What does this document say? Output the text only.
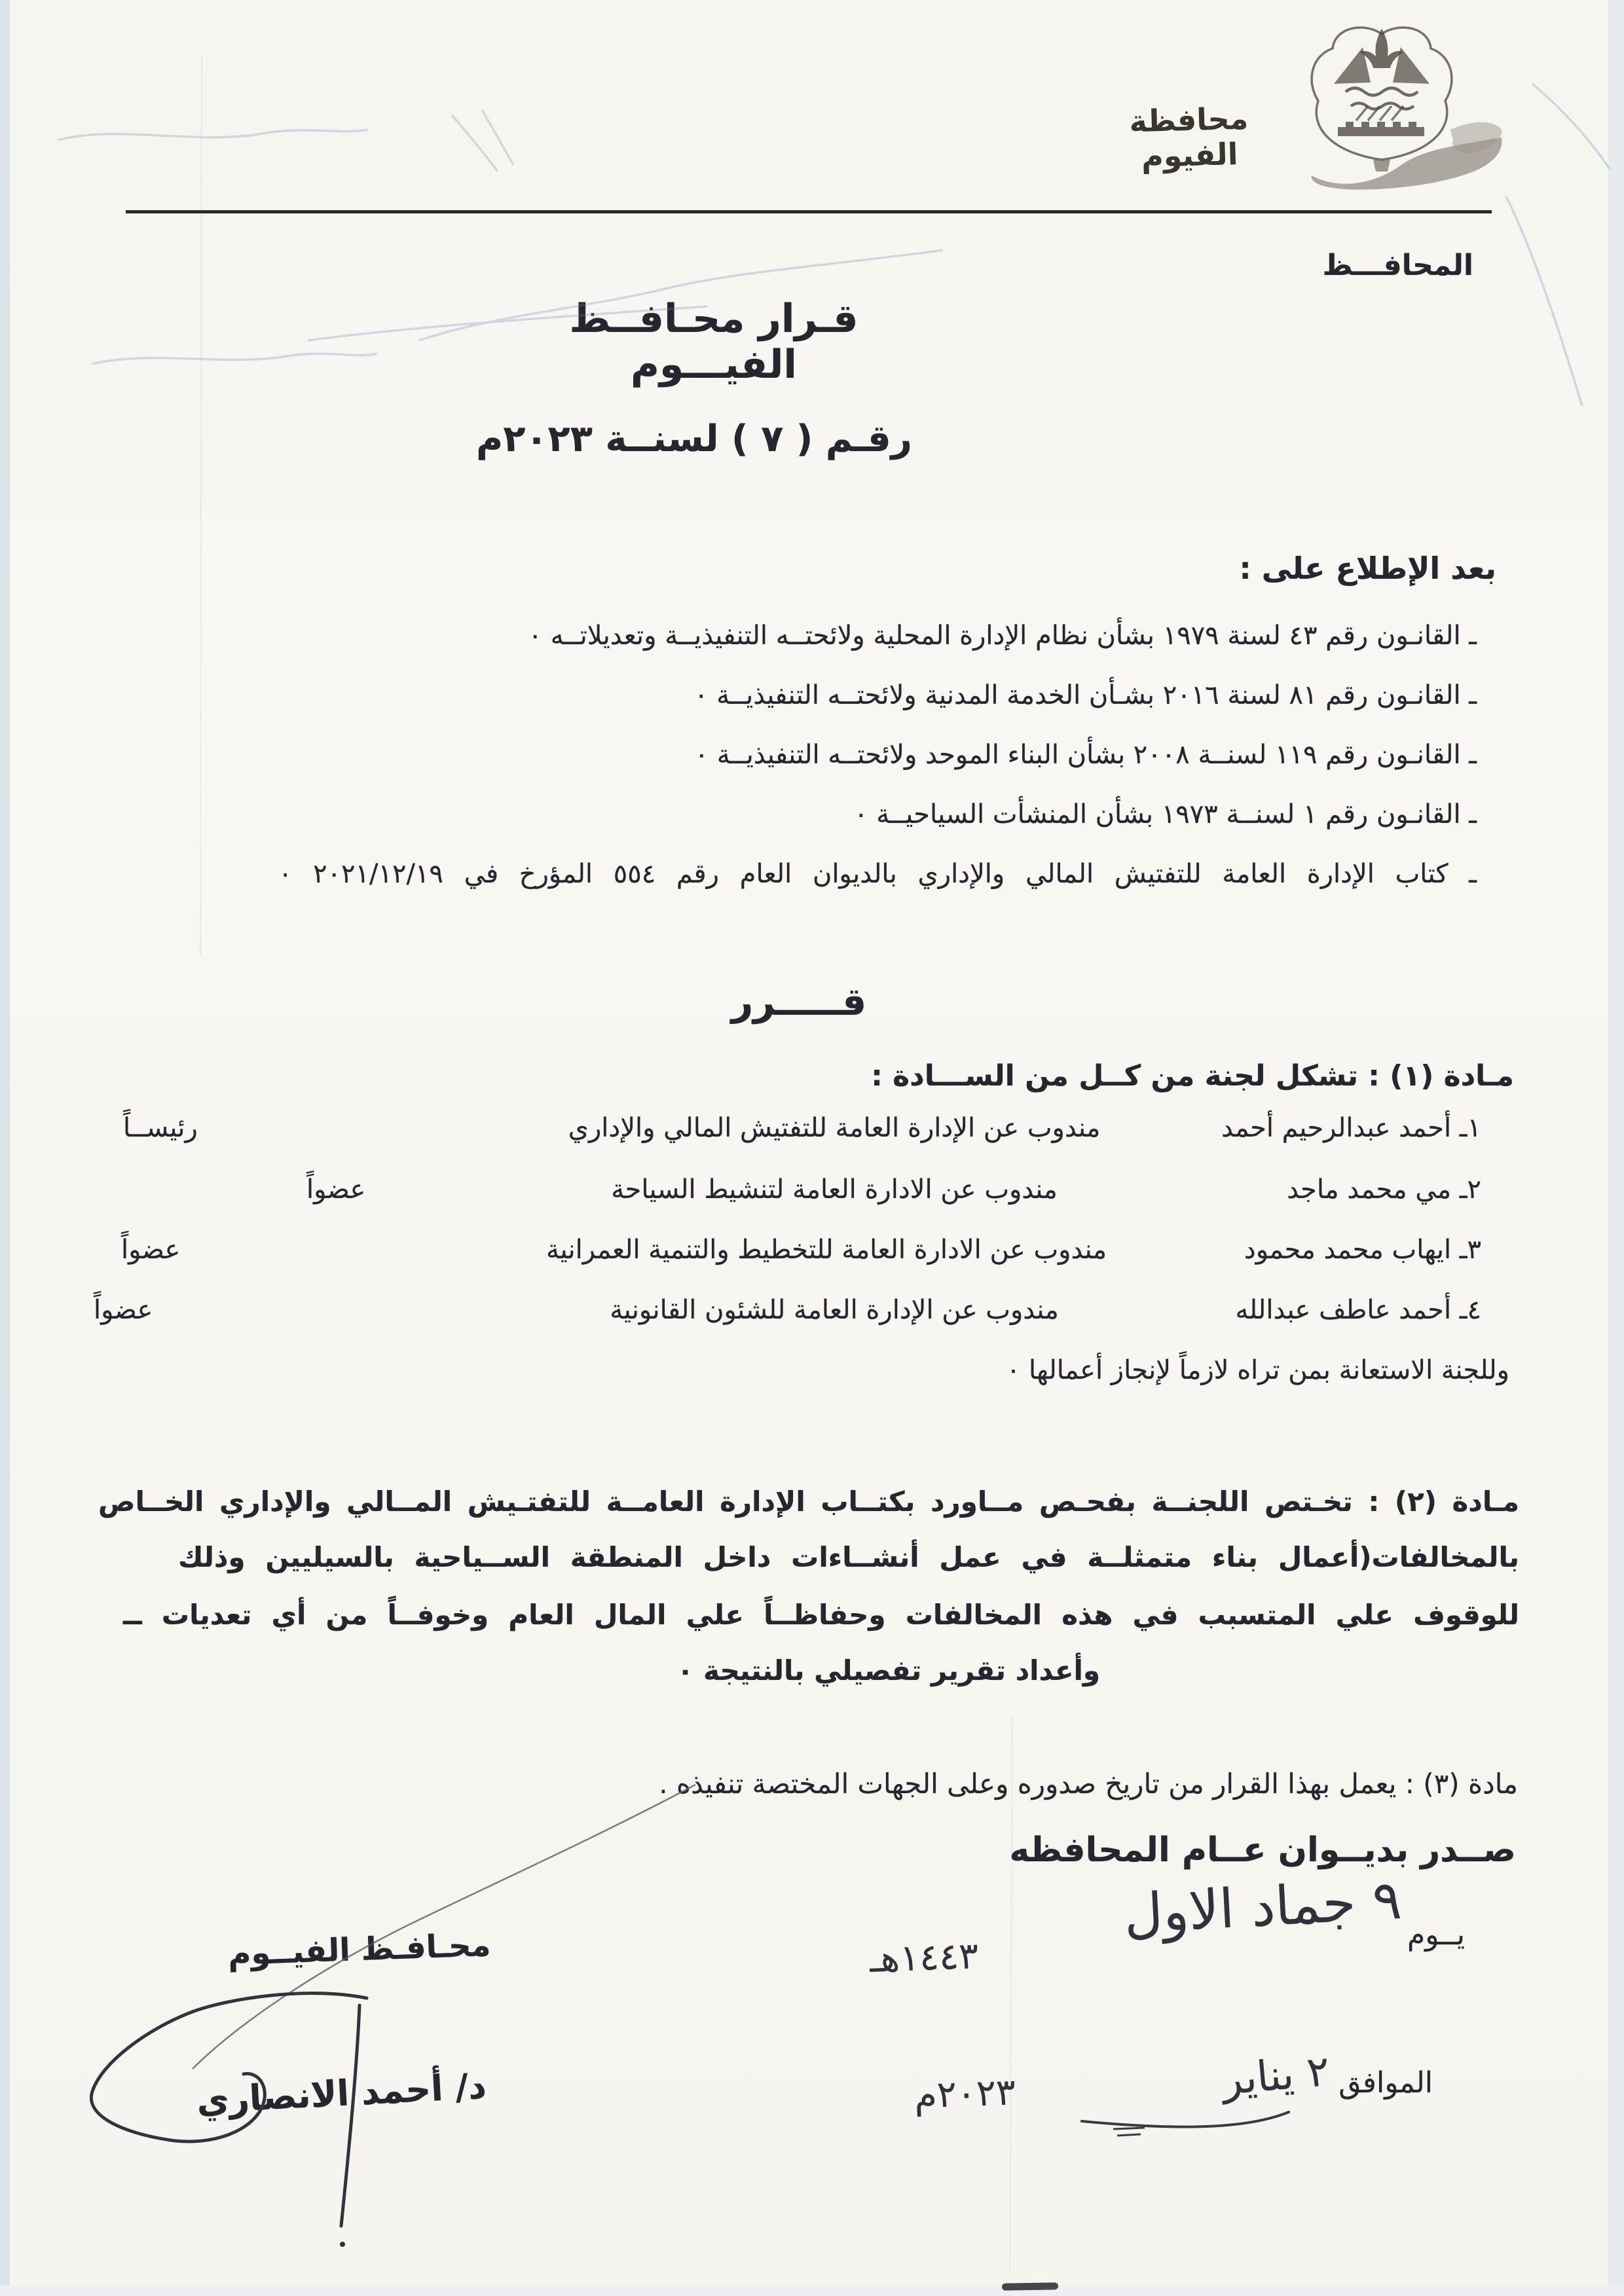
محافظة الفيوم
المحافـــظ
قـرار محـافــظ الفيـــوم
رقـم ( ٧ ) لسنــة ٢٠٢٣م
بعد الإطلاع على :
ـ القانـون رقم ٤٣ لسنة ١٩٧٩ بشأن نظام الإدارة المحلية ولائحتــه التنفيذيــة وتعديلاتــه ٠
ـ القانـون رقم ٨١ لسنة ٢٠١٦ بشـأن الخدمة المدنية ولائحتــه التنفيذيــة ٠
ـ القانـون رقم ١١٩ لسنــة ٢٠٠٨ بشأن البناء الموحد ولائحتــه التنفيذيــة ٠
ـ القانـون رقم ١ لسنــة ١٩٧٣ بشأن المنشأت السياحيــة ٠
ـ كتاب الإدارة العامة للتفتيش المالي والإداري بالديوان العام رقم ٥٥٤ المؤرخ في ٢٠٢١/١٢/١٩ ٠
قـــــرر
مـادة (١) : تشكل لجنة من كــل من الســـادة :
١ـ أحمد عبدالرحيم أحمد
مندوب عن الإدارة العامة للتفتيش المالي والإداري
رئيســاً
٢ـ مي محمد ماجد
مندوب عن الادارة العامة لتنشيط السياحة
عضواً
٣ـ ايهاب محمد محمود
مندوب عن الادارة العامة للتخطيط والتنمية العمرانية
عضواً
٤ـ أحمد عاطف عبدالله
مندوب عن الإدارة العامة للشئون القانونية
عضواً
وللجنة الاستعانة بمن تراه لازماً لإنجاز أعمالها ٠
مـادة (٢) : تخـتص اللجنــة بفحـص مــاورد بكتــاب الإدارة العامــة للتفتـيش المــالي والإداري الخــاص
بالمخالفات(أعمال بناء متمثلــة في عمل أنشــاءات داخل المنطقة الســياحية بالسيليين وذلك
للوقوف علي المتسبب في هذه المخالفات وحفاظــاً علي المال العام وخوفــاً من أي تعديات ــ
وأعداد تقرير تفصيلي بالنتيجة ٠
مادة (٣) : يعمل بهذا القرار من تاريخ صدوره وعلى الجهات المختصة تنفيذه .
صــدر بديــوان عــام المحافظه
يــوم
٩ جماد الاول
١٤٤٣هـ
الموافق
٢ يناير
٢٠٢٣م
محـافـظ الفيــوم
د/ أحمد الانصاري
